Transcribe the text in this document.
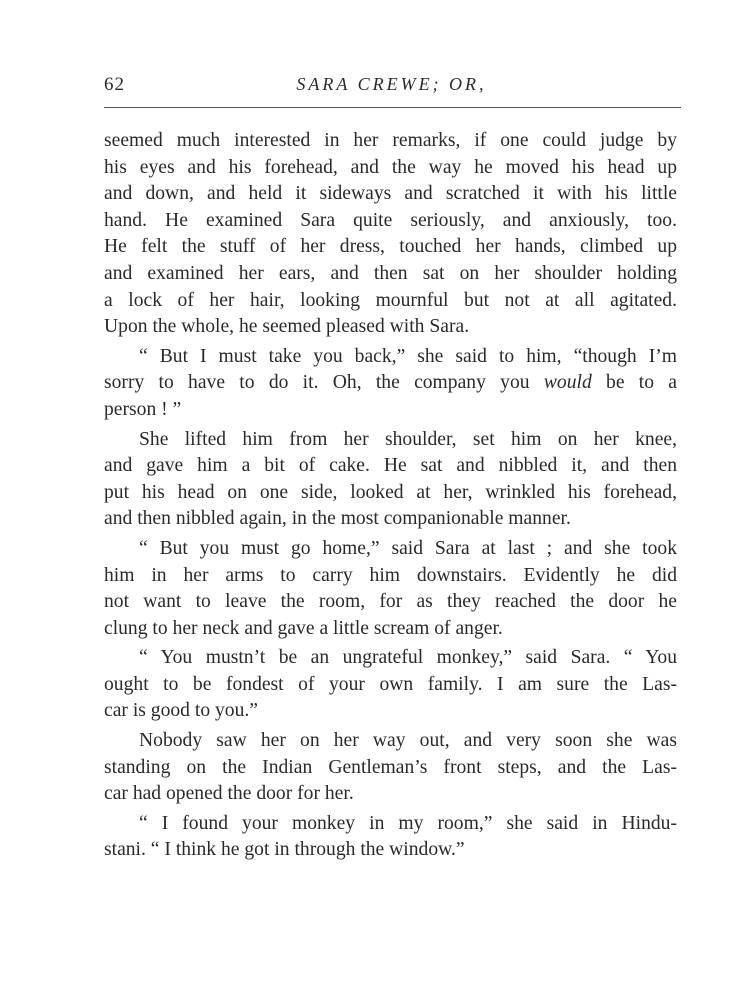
62	SARA CREWE; OR,
seemed much interested in her remarks, if one could judge by
his eyes and his forehead, and the way he moved his head up
and down, and held it sideways and scratched it with his little
hand. He examined Sara quite seriously, and anxiously, too.
He felt the stuff of her dress, touched her hands, climbed up
and examined her ears, and then sat on her shoulder holding
a lock of her hair, looking mournful but not at all agitated.
Upon the whole, he seemed pleased with Sara.
“ But I must take you back,” she said to him, “though I’m
sorry to have to do it. Oh, the company you would be to a
person ! ”
She lifted him from her shoulder, set him on her knee,
and gave him a bit of cake. He sat and nibbled it, and then
put his head on one side, looked at her, wrinkled his forehead,
and then nibbled again, in the most companionable manner.
“ But you must go home,” said Sara at last ; and she took
him in her arms to carry him downstairs. Evidently he did
not want to leave the room, for as they reached the door he
clung to her neck and gave a little scream of anger.
“ You mustn’t be an ungrateful monkey,” said Sara. “ You
ought to be fondest of your own family. I am sure the Las-
car is good to you.”
Nobody saw her on her way out, and very soon she was
standing on the Indian Gentleman’s front steps, and the Las-
car had opened the door for her.
“ I found your monkey in my room,” she said in Hindu-
stani. “ I think he got in through the window.”
